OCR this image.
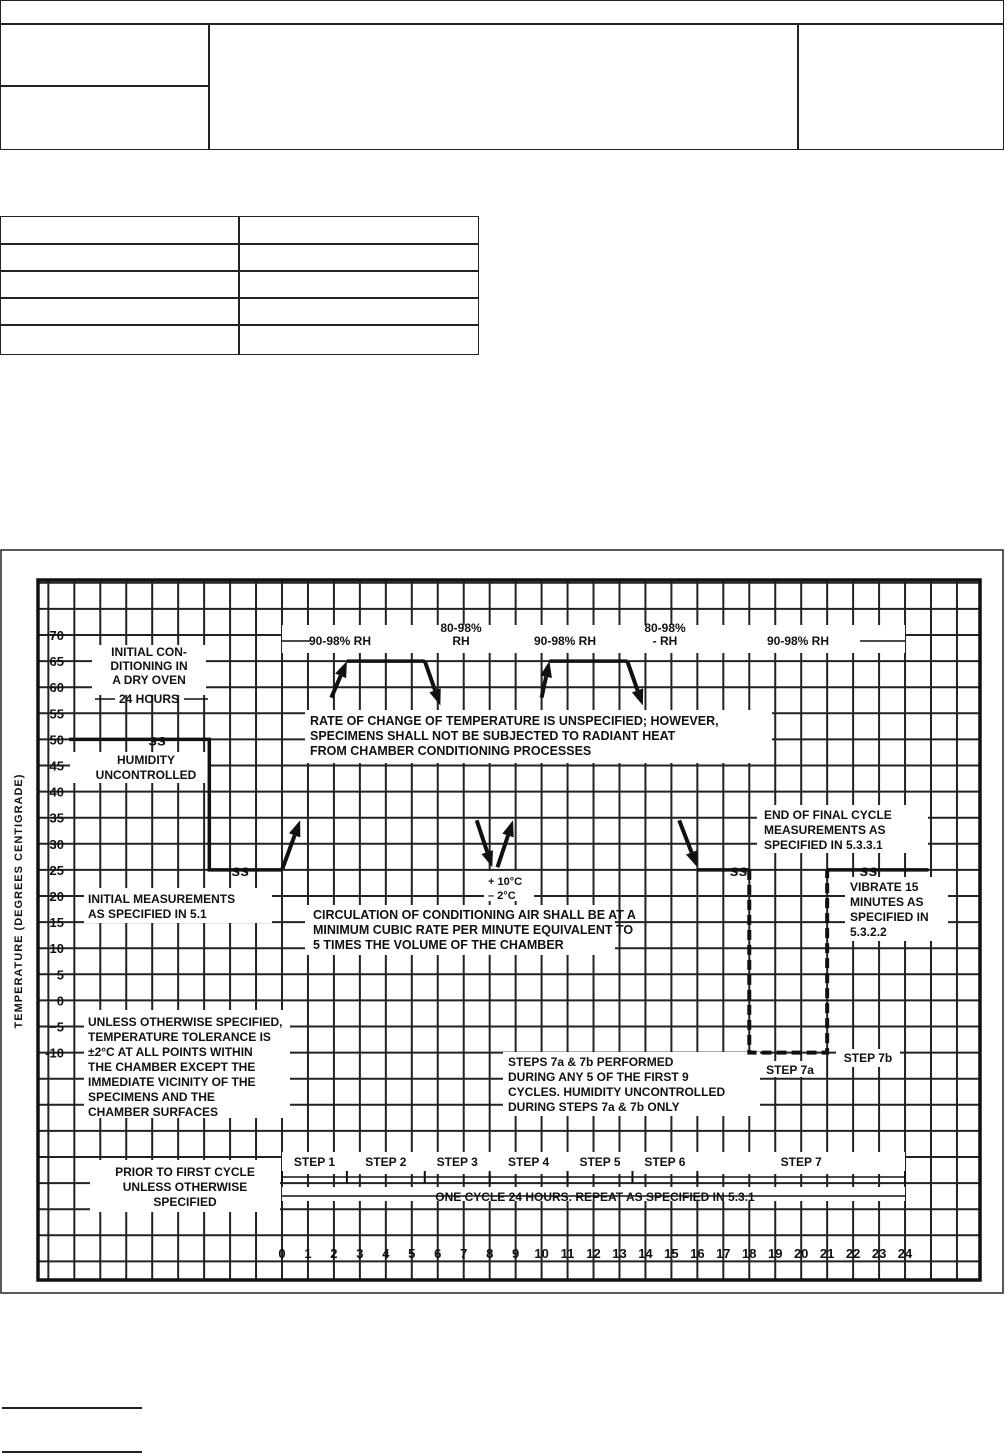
70
65
60
55
50
45
40
35
30
25
20
15
10
5
0
−5
-10
0 1 2 3 4 5 6 7 8 9 10 11 12 13 14 15 16 17 18 19 20 21 22 23 24
TEMPERATURE (DEGREES CENTIGRADE)
ss
ss	ss	ss
INITIAL CON-
DITIONING IN
A DRY OVEN
24 HOURS
HUMIDITY
UNCONTROLLED
RATE OF CHANGE OF TEMPERATURE IS UNSPECIFIED; HOWEVER,
SPECIMENS SHALL NOT BE SUBJECTED TO RADIANT HEAT
FROM CHAMBER CONDITIONING PROCESSES
INITIAL MEASUREMENTS
AS SPECIFIED IN 5.1
+ 10°C
– 2°C
CIRCULATION OF CONDITIONING AIR SHALL BE AT A
MINIMUM CUBIC RATE PER MINUTE EQUIVALENT TO
5 TIMES THE VOLUME OF THE CHAMBER
END OF FINAL CYCLE
MEASUREMENTS AS
SPECIFIED IN 5.3.3.1
VIBRATE 15
MINUTES AS
SPECIFIED IN
5.3.2.2
UNLESS OTHERWISE SPECIFIED,
TEMPERATURE TOLERANCE IS
±2°C AT ALL POINTS WITHIN
THE CHAMBER EXCEPT THE
IMMEDIATE VICINITY OF THE
SPECIMENS AND THE
CHAMBER SURFACES
STEPS 7a & 7b PERFORMED
DURING ANY 5 OF THE FIRST 9
CYCLES. HUMIDITY UNCONTROLLED
DURING STEPS 7a & 7b ONLY
PRIOR TO FIRST CYCLE
UNLESS OTHERWISE
SPECIFIED	ONE CYCLE 24 HOURS. REPEAT AS SPECIFIED IN 5.3.1
STEP 1	STEP 2	STEP 3	STEP 4	STEP 5 STEP 6	STEP 7
STEP 7a
STEP 7b
90-98% RH
80-98%
RH	90-98% RH
80-98%
- RH	90-98% RH
